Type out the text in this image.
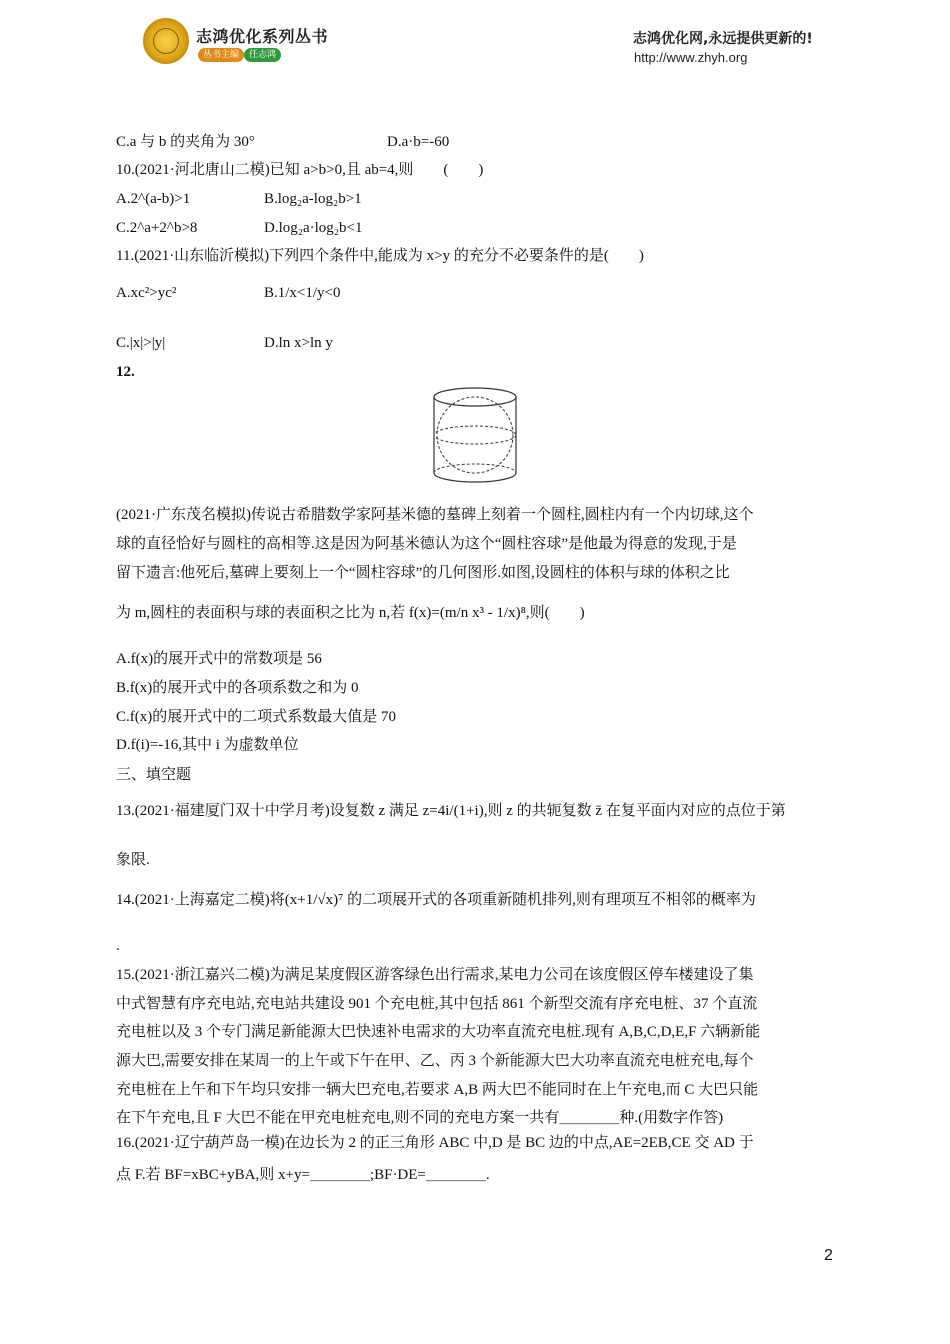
志鸿优化系列丛书
丛书主编	任志鸿
志鸿优化网,永远提供更新的!
http://www.zhyh.org
C.a 与 b 的夹角为 30°	D.a·b=-60
10.(2021·河北唐山二模)已知 a>b>0,且 ab=4,则　　(　　)
A.2^(a-b)>1	B.log₂a-log₂b>1
C.2^a+2^b>8	D.log₂a·log₂b<1
11.(2021·山东临沂模拟)下列四个条件中,能成为 x>y 的充分不必要条件的是(　　)
A.xc²>yc²	B.1/x<1/y<0
C.|x|>|y|	D.ln x>ln y
12.
(2021·广东茂名模拟)传说古希腊数学家阿基米德的墓碑上刻着一个圆柱,圆柱内有一个内切球,这个
球的直径恰好与圆柱的高相等.这是因为阿基米德认为这个“圆柱容球”是他最为得意的发现,于是
留下遗言:他死后,墓碑上要刻上一个“圆柱容球”的几何图形.如图,设圆柱的体积与球的体积之比
为 m,圆柱的表面积与球的表面积之比为 n,若 f(x)=(m/n x³ - 1/x)⁸,则(　　)
A.f(x)的展开式中的常数项是 56
B.f(x)的展开式中的各项系数之和为 0
C.f(x)的展开式中的二项式系数最大值是 70
D.f(i)=-16,其中 i 为虚数单位
三、填空题
13.(2021·福建厦门双十中学月考)设复数 z 满足 z=4i/(1+i),则 z 的共轭复数 z̄ 在复平面内对应的点位于第
象限.
14.(2021·上海嘉定二模)将(x+1/√x)⁷ 的二项展开式的各项重新随机排列,则有理项互不相邻的概率为
.
15.(2021·浙江嘉兴二模)为满足某度假区游客绿色出行需求,某电力公司在该度假区停车楼建设了集
中式智慧有序充电站,充电站共建设 901 个充电桩,其中包括 861 个新型交流有序充电桩、37 个直流
充电桩以及 3 个专门满足新能源大巴快速补电需求的大功率直流充电桩.现有 A,B,C,D,E,F 六辆新能
源大巴,需要安排在某周一的上午或下午在甲、乙、丙 3 个新能源大巴大功率直流充电桩充电,每个
充电桩在上午和下午均只安排一辆大巴充电,若要求 A,B 两大巴不能同时在上午充电,而 C 大巴只能
在下午充电,且 F 大巴不能在甲充电桩充电,则不同的充电方案一共有＿＿＿＿种.(用数字作答)
16.(2021·辽宁葫芦岛一模)在边长为 2 的正三角形 ABC 中,D 是 BC 边的中点,AE=2EB,CE 交 AD 于
点 F.若 BF=xBC+yBA,则 x+y=＿＿＿＿;BF·DE=＿＿＿＿.
2
